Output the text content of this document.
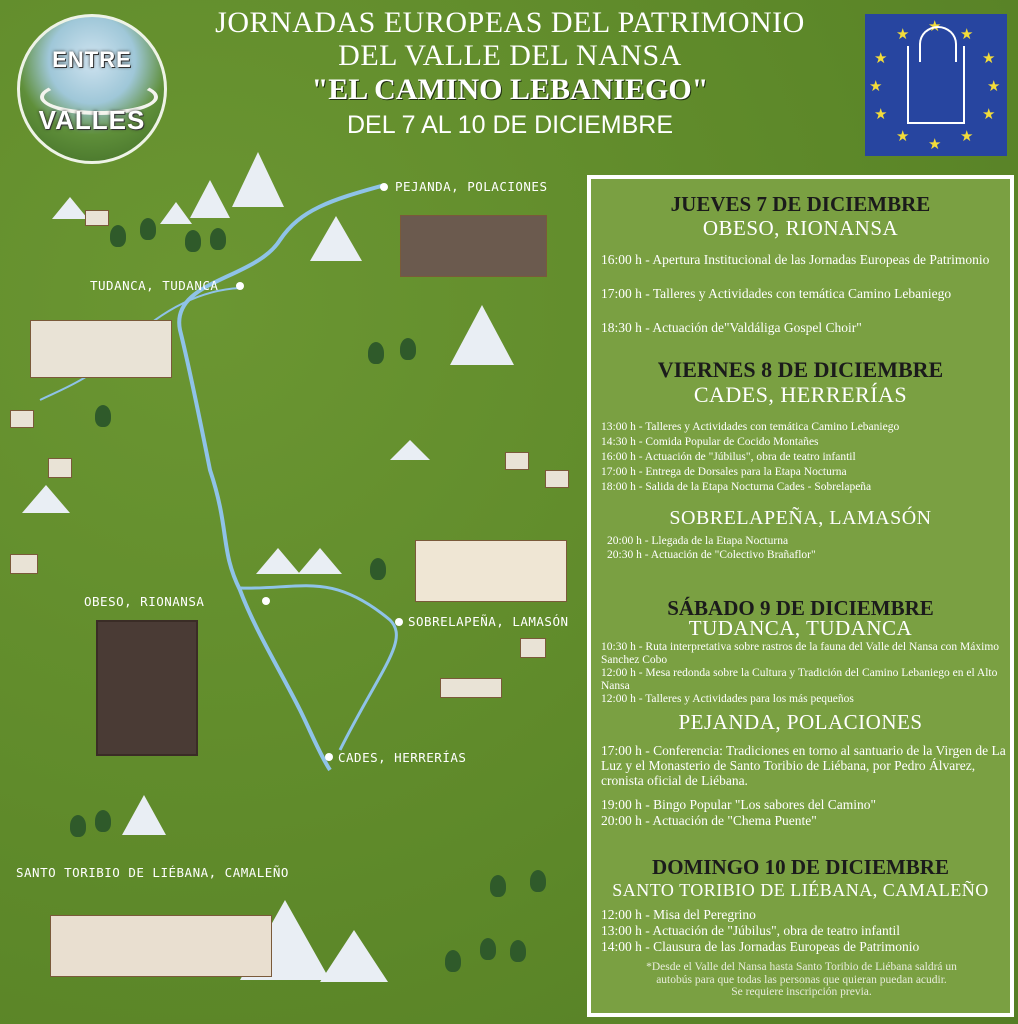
ENTRE
VALLES
JORNADAS EUROPEAS DEL PATRIMONIO
DEL VALLE DEL NANSA
"EL CAMINO LEBANIEGO"
DEL 7 AL 10 DE DICIEMBRE
★ ★
★
★
★
★
★
★
★
★
★
★
PEJANDA, POLACIONES
TUDANCA, TUDANCA
OBESO, RIONANSA
SOBRELAPEÑA, LAMASÓN
CADES, HERRERÍAS
SANTO TORIBIO DE LIÉBANA, CAMALEÑO
JUEVES 7 DE DICIEMBRE
OBESO, RIONANSA
16:00 h - Apertura Institucional de las Jornadas Europeas de Patrimonio
17:00 h - Talleres y Actividades con temática Camino Lebaniego
18:30 h - Actuación de"Valdáliga Gospel Choir"
VIERNES 8 DE DICIEMBRE
CADES, HERRERÍAS
13:00 h - Talleres y Actividades con temática Camino Lebaniego
14:30 h - Comida Popular de Cocido Montañes
16:00 h - Actuación de "Júbilus", obra de teatro infantil
17:00 h - Entrega de Dorsales para la Etapa Nocturna
18:00 h - Salida de la Etapa Nocturna Cades - Sobrelapeña
SOBRELAPEÑA, LAMASÓN
20:00 h - Llegada de la Etapa Nocturna
20:30 h - Actuación de "Colectivo Brañaflor"
SÁBADO 9 DE DICIEMBRE
TUDANCA, TUDANCA
10:30 h - Ruta interpretativa sobre rastros de la fauna del Valle del Nansa con Máximo Sanchez Cobo
12:00 h - Mesa redonda sobre la Cultura y Tradición del Camino Lebaniego en el Alto Nansa
12:00 h - Talleres y Actividades para los más pequeños
PEJANDA, POLACIONES
17:00 h - Conferencia: Tradiciones en torno al santuario de la Virgen de La Luz y el Monasterio de Santo Toribio de Liébana, por Pedro Álvarez, cronista oficial de Liébana.
19:00 h - Bingo Popular "Los sabores del Camino"
20:00 h - Actuación de "Chema Puente"
DOMINGO 10 DE DICIEMBRE
SANTO TORIBIO DE LIÉBANA, CAMALEÑO
12:00 h - Misa del Peregrino
13:00 h - Actuación de "Júbilus", obra de teatro infantil
14:00 h - Clausura de las Jornadas Europeas de Patrimonio
*Desde el Valle del Nansa hasta Santo Toribio de Liébana saldrá un
autobús para que todas las personas que quieran puedan acudir.
Se requiere inscripción previa.
